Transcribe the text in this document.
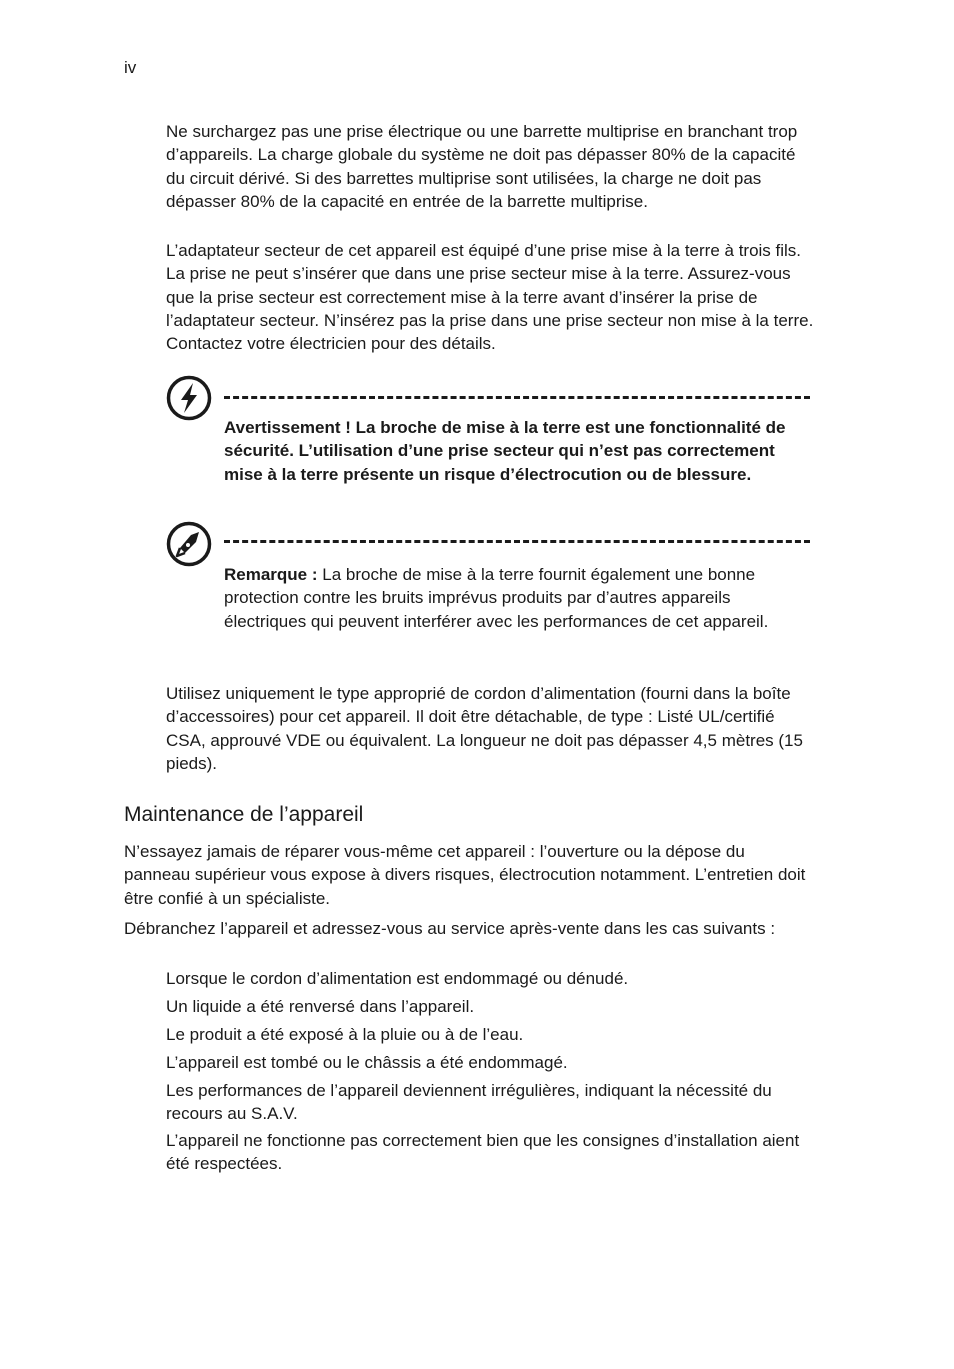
iv

Ne surchargez pas une prise électrique ou une barrette multiprise en branchant trop d’appareils. La charge globale du système ne doit pas dépasser 80% de la capacité du circuit dérivé. Si des barrettes multiprise sont utilisées, la charge ne doit pas dépasser 80% de la capacité en entrée de la barrette multiprise.

L’adaptateur secteur de cet appareil est équipé d’une prise mise à la terre à trois fils. La prise ne peut s’insérer que dans une prise secteur mise à la terre. Assurez-vous que la prise secteur est correctement mise à la terre avant d’insérer la prise de l’adaptateur secteur. N’insérez pas la prise dans une prise secteur non mise à la terre. Contactez votre électricien pour des détails.

Avertissement ! La broche de mise à la terre est une fonctionnalité de sécurité. L’utilisation d’une prise secteur qui n’est pas correctement mise à la terre présente un risque d’électrocution ou de blessure.

Remarque : La broche de mise à la terre fournit également une bonne protection contre les bruits imprévus produits par d’autres appareils électriques qui peuvent interférer avec les performances de cet appareil.

Utilisez uniquement le type approprié de cordon d’alimentation (fourni dans la boîte d’accessoires) pour cet appareil. Il doit être détachable, de type : Listé UL/certifié CSA, approuvé VDE ou équivalent. La longueur ne doit pas dépasser 4,5 mètres (15 pieds).

Maintenance de l’appareil

N’essayez jamais de réparer vous-même cet appareil : l’ouverture ou la dépose du panneau supérieur vous expose à divers risques, électrocution notamment. L’entretien doit être confié à un spécialiste.

Débranchez l’appareil et adressez-vous au service après-vente dans les cas suivants :

Lorsque le cordon d’alimentation est endommagé ou dénudé.

Un liquide a été renversé dans l’appareil.

Le produit a été exposé à la pluie ou à de l’eau.

L’appareil est tombé ou le châssis a été endommagé.

Les performances de l’appareil deviennent irrégulières, indiquant la nécessité du recours au S.A.V.

L’appareil ne fonctionne pas correctement bien que les consignes d’installation aient été respectées.
